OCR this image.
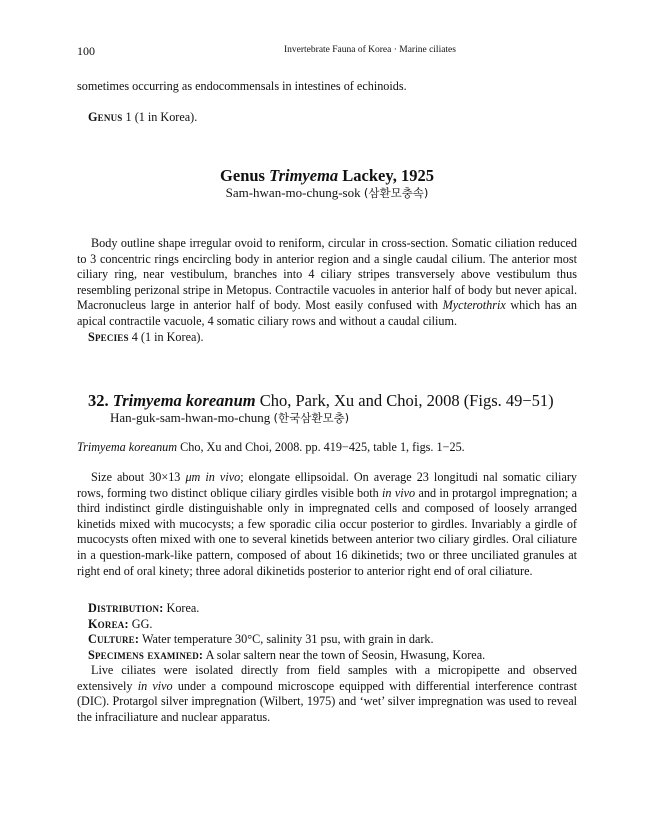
100	Invertebrate Fauna of Korea · Marine ciliates
sometimes occurring as endocommensals in intestines of echinoids.
Genus 1 (1 in Korea).
Genus Trimyema Lackey, 1925
Sam-hwan-mo-chung-sok (삼환모충속)
Body outline shape irregular ovoid to reniform, circular in cross-section. Somatic ciliation reduced to 3 concentric rings encircling body in anterior region and a single caudal cilium. The anterior most ciliary ring, near vestibulum, branches into 4 ciliary stripes transversely above vestibulum thus resembling perizonal stripe in Metopus. Contractile vacuoles in anterior half of body but never apical. Macronucleus large in anterior half of body. Most easily confused with Mycterothrix which has an apical contractile vacuole, 4 somatic ciliary rows and without a caudal cilium.
Species 4 (1 in Korea).
32. Trimyema koreanum Cho, Park, Xu and Choi, 2008 (Figs. 49−51)
Han-guk-sam-hwan-mo-chung (한국삼환모충)
Trimyema koreanum Cho, Xu and Choi, 2008. pp. 419−425, table 1, figs. 1−25.
Size about 30×13 μm in vivo; elongate ellipsoidal. On average 23 longitudi nal somatic ciliary rows, forming two distinct oblique ciliary girdles visible both in vivo and in protargol impregnation; a third indistinct girdle distinguishable only in impregnated cells and composed of loosely arranged kinetids mixed with mucocysts; a few sporadic cilia occur posterior to girdles. Invariably a girdle of mucocysts often mixed with one to several kinetids between anterior two ciliary girdles. Oral ciliature in a question-mark-like pattern, composed of about 16 dikinetids; two or three unciliated granules at right end of oral kinety; three adoral dikinetids posterior to anterior right end of oral ciliature.
Distribution: Korea.
Korea: GG.
Culture: Water temperature 30°C, salinity 31 psu, with grain in dark.
Specimens examined: A solar saltern near the town of Seosin, Hwasung, Korea.
Live ciliates were isolated directly from field samples with a micropipette and observed extensively in vivo under a compound microscope equipped with differential interference contrast (DIC). Protargol silver impregnation (Wilbert, 1975) and ‘wet’ silver impregnation was used to reveal the infraciliature and nuclear apparatus.
